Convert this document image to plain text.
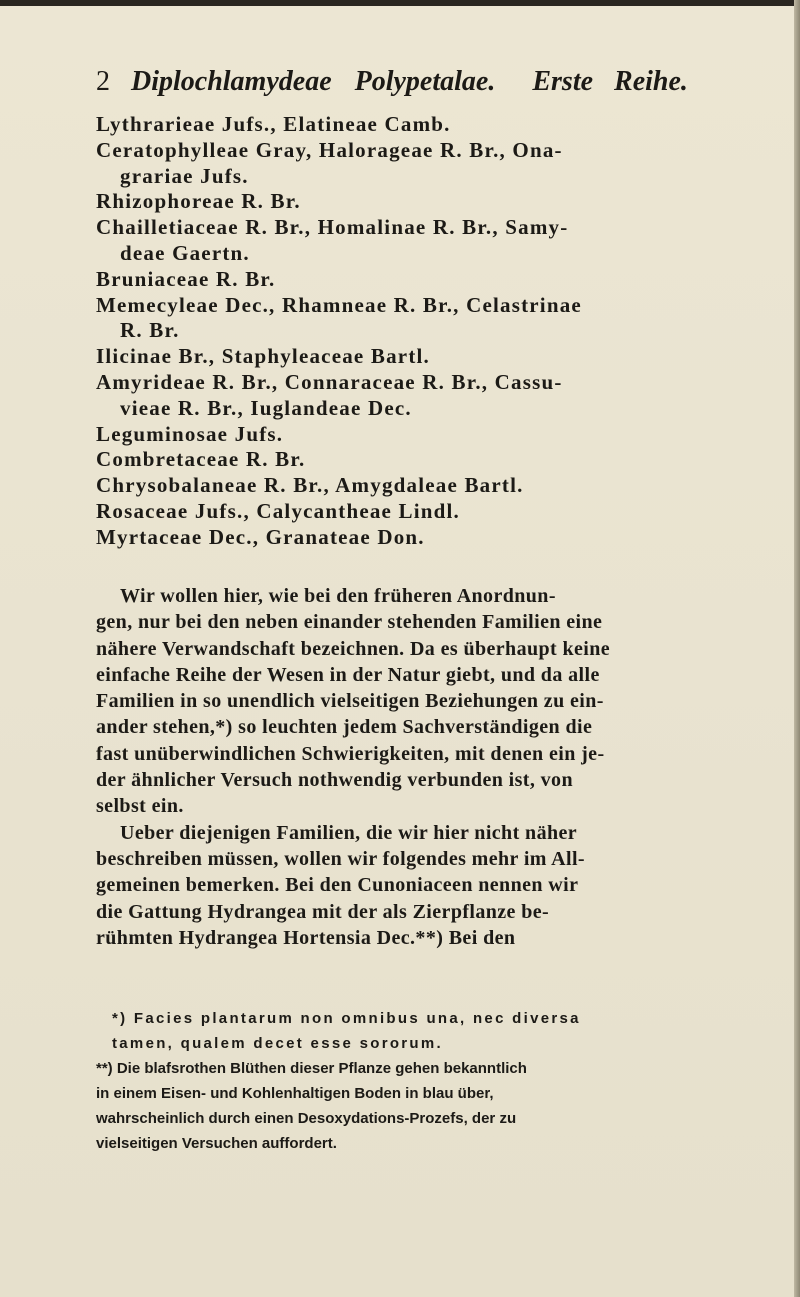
2 Diplochlamydeae Polypetalae. Erste Reihe.
Lythrarieae Jufs., Elatineae Camb.
Ceratophylleae Gray, Halorageae R. Br., Ona-
grariae Jufs.
Rhizophoreae R. Br.
Chailletiaceae R. Br., Homalinae R. Br., Samy-
deae Gaertn.
Bruniaceae R. Br.
Memecyleae Dec., Rhamneae R. Br., Celastrinae
R. Br.
Ilicinae Br., Staphyleaceae Bartl.
Amyrideae R. Br., Connaraceae R. Br., Cassu-
vieae R. Br., Iuglandeae Dec.
Leguminosae Jufs.
Combretaceae R. Br.
Chrysobalaneae R. Br., Amygdaleae Bartl.
Rosaceae Jufs., Calycantheae Lindl.
Myrtaceae Dec., Granateae Don.
Wir wollen hier, wie bei den früheren Anordnun-
gen, nur bei den neben einander stehenden Familien eine
nähere Verwandschaft bezeichnen. Da es überhaupt keine
einfache Reihe der Wesen in der Natur giebt, und da alle
Familien in so unendlich vielseitigen Beziehungen zu ein-
ander stehen,*) so leuchten jedem Sachverständigen die
fast unüberwindlichen Schwierigkeiten, mit denen ein je-
der ähnlicher Versuch nothwendig verbunden ist, von
selbst ein.
Ueber diejenigen Familien, die wir hier nicht näher
beschreiben müssen, wollen wir folgendes mehr im All-
gemeinen bemerken. Bei den Cunoniaceen nennen wir
die Gattung Hydrangea mit der als Zierpflanze be-
rühmten Hydrangea Hortensia Dec.**) Bei den
*) Facies plantarum non omnibus una, nec diversa
tamen, qualem decet esse sororum.
**) Die blafsrothen Blüthen dieser Pflanze gehen bekanntlich
in einem Eisen- und Kohlenhaltigen Boden in blau über,
wahrscheinlich durch einen Desoxydations-Prozefs, der zu
vielseitigen Versuchen auffordert.
